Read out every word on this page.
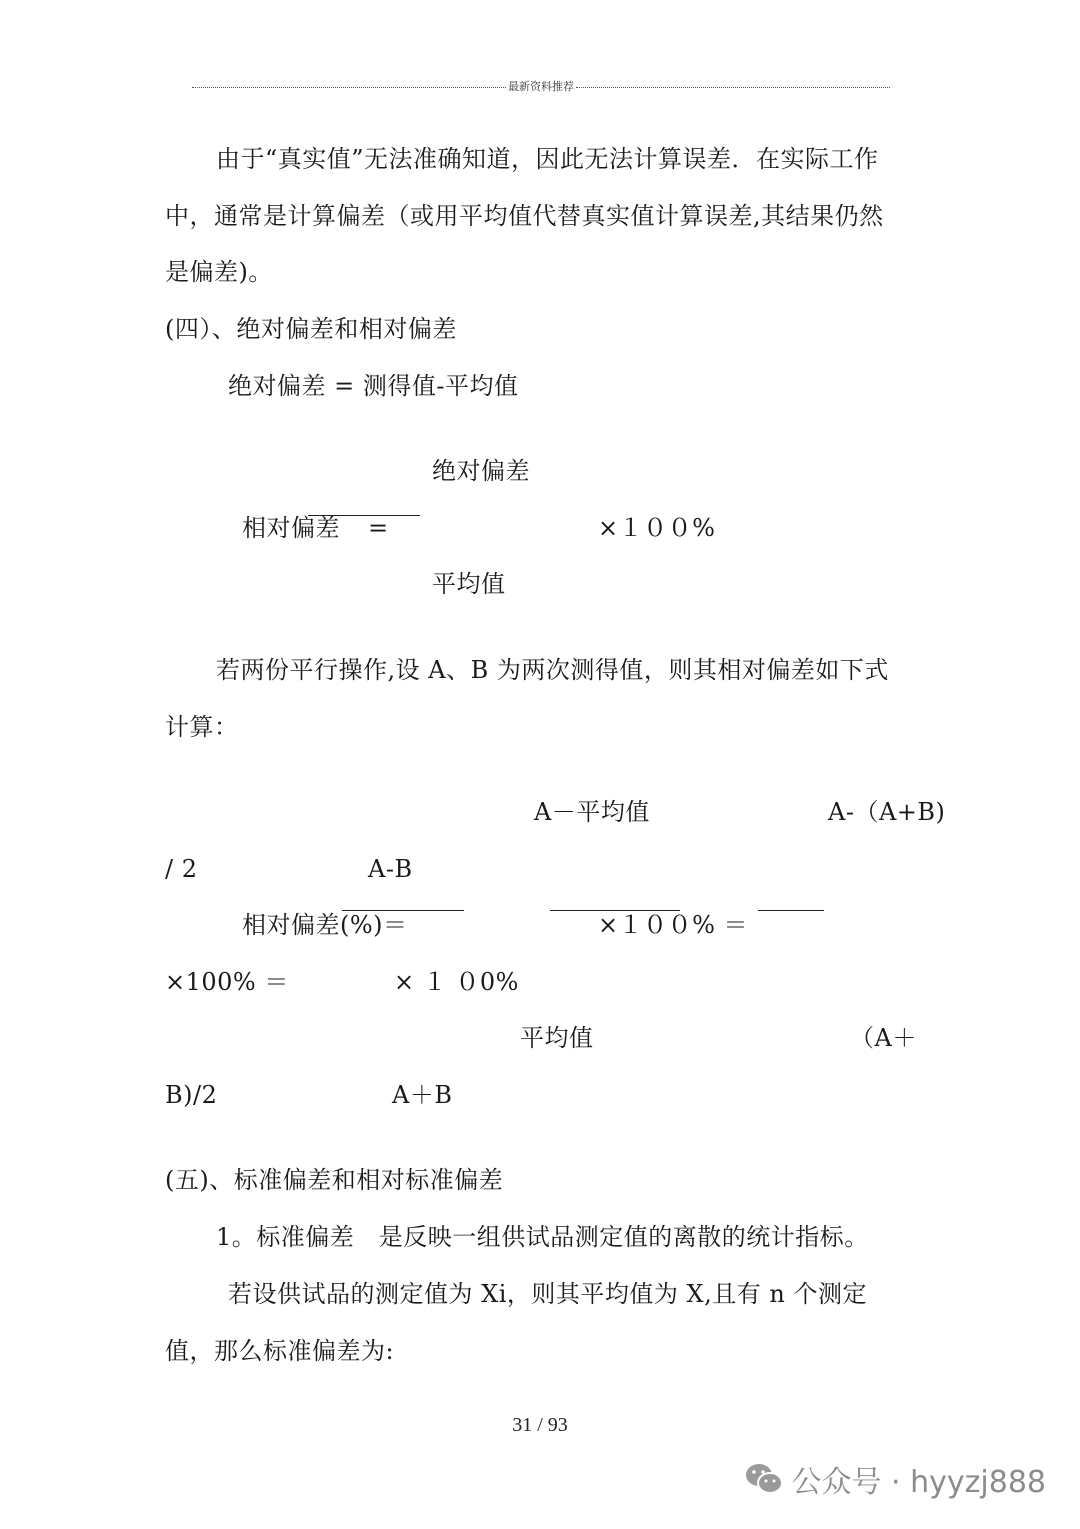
最新资料推荐
由于“真实值”无法准确知道，因此无法计算误差．在实际工作
中，通常是计算偏差（或用平均值代替真实值计算误差,其结果仍然
是偏差)。
(四）、绝对偏差和相对偏差
绝对偏差 = 测得值-平均值
绝对偏差
相对偏差 =	×１００%
平均值
若两份平行操作,设 A、B 为两次测得值，则其相对偏差如下式
计算：
A－平均值	A-（A+B)
/ 2	A-B
相对偏差(%)＝	×１００% ＝
×100% ＝	× １ ０0%
平均值	（A＋
B)/2	A＋B
(五)、标准偏差和相对标准偏差
1。标准偏差　是反映一组供试品测定值的离散的统计指标。
若设供试品的测定值为 Xi，则其平均值为 X,且有 n 个测定
值，那么标准偏差为:
31 / 93
公众号 · hyyzj888
